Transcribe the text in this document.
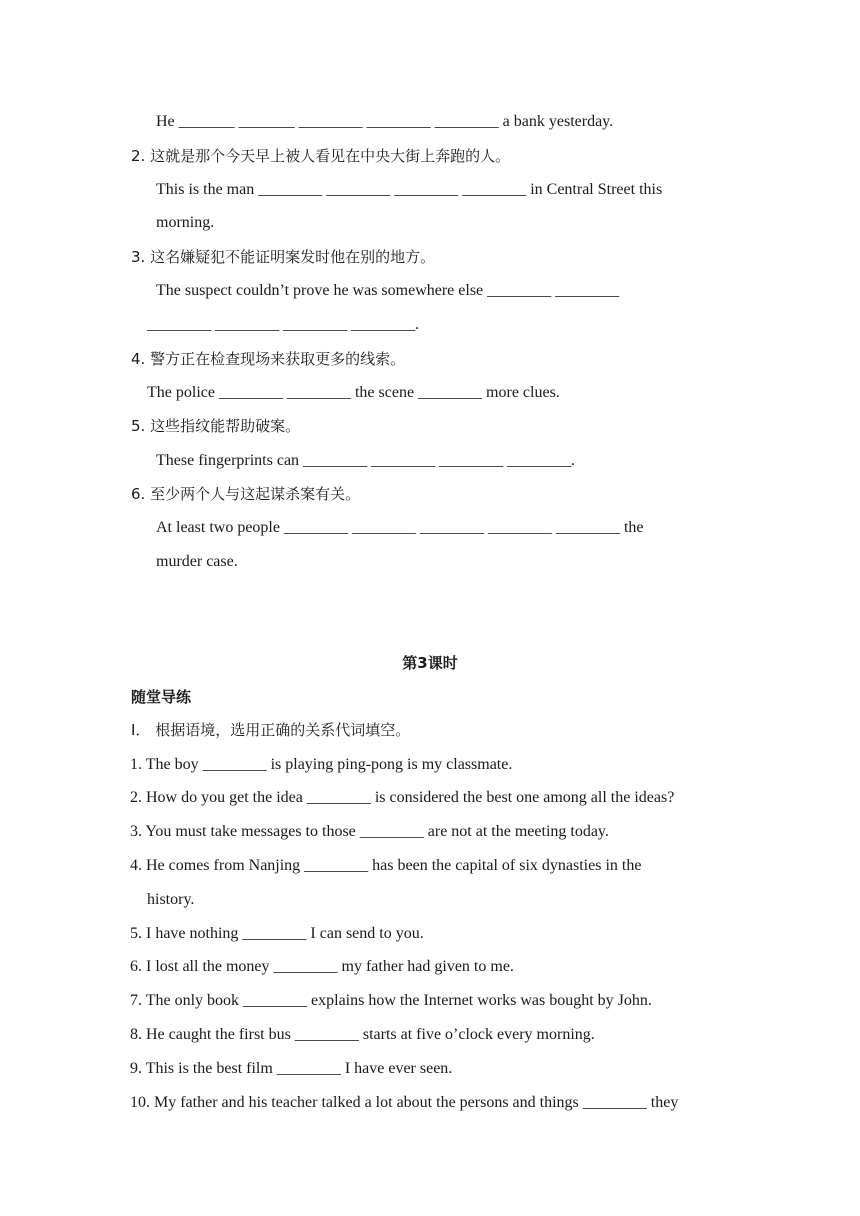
He _______ _______ ________ ________ ________ a bank yesterday.
2. 这就是那个今天早上被人看见在中央大街上奔跑的人。
This is the man ________ ________ ________ ________ in Central Street this
morning.
3. 这名嫌疑犯不能证明案发时他在别的地方。
The suspect couldn’t prove he was somewhere else ________ ________
________ ________ ________ ________.
4. 警方正在检查现场来获取更多的线索。
The police ________ ________ the scene ________ more clues.
5. 这些指纹能帮助破案。
These fingerprints can ________ ________ ________ ________.
6. 至少两个人与这起谋杀案有关。
At least two people ________ ________ ________ ________ ________ the
murder case.
第3课时
随堂导练
Ⅰ． 根据语境，选用正确的关系代词填空。
1. The boy ________ is playing ping-pong is my classmate.
2. How do you get the idea ________ is considered the best one among all the ideas?
3. You must take messages to those ________ are not at the meeting today.
4. He comes from Nanjing ________ has been the capital of six dynasties in the
history.
5. I have nothing ________ I can send to you.
6. I lost all the money ________ my father had given to me.
7. The only book ________ explains how the Internet works was bought by John.
8. He caught the first bus ________ starts at five o’clock every morning.
9. This is the best film ________ I have ever seen.
10. My father and his teacher talked a lot about the persons and things ________ they
